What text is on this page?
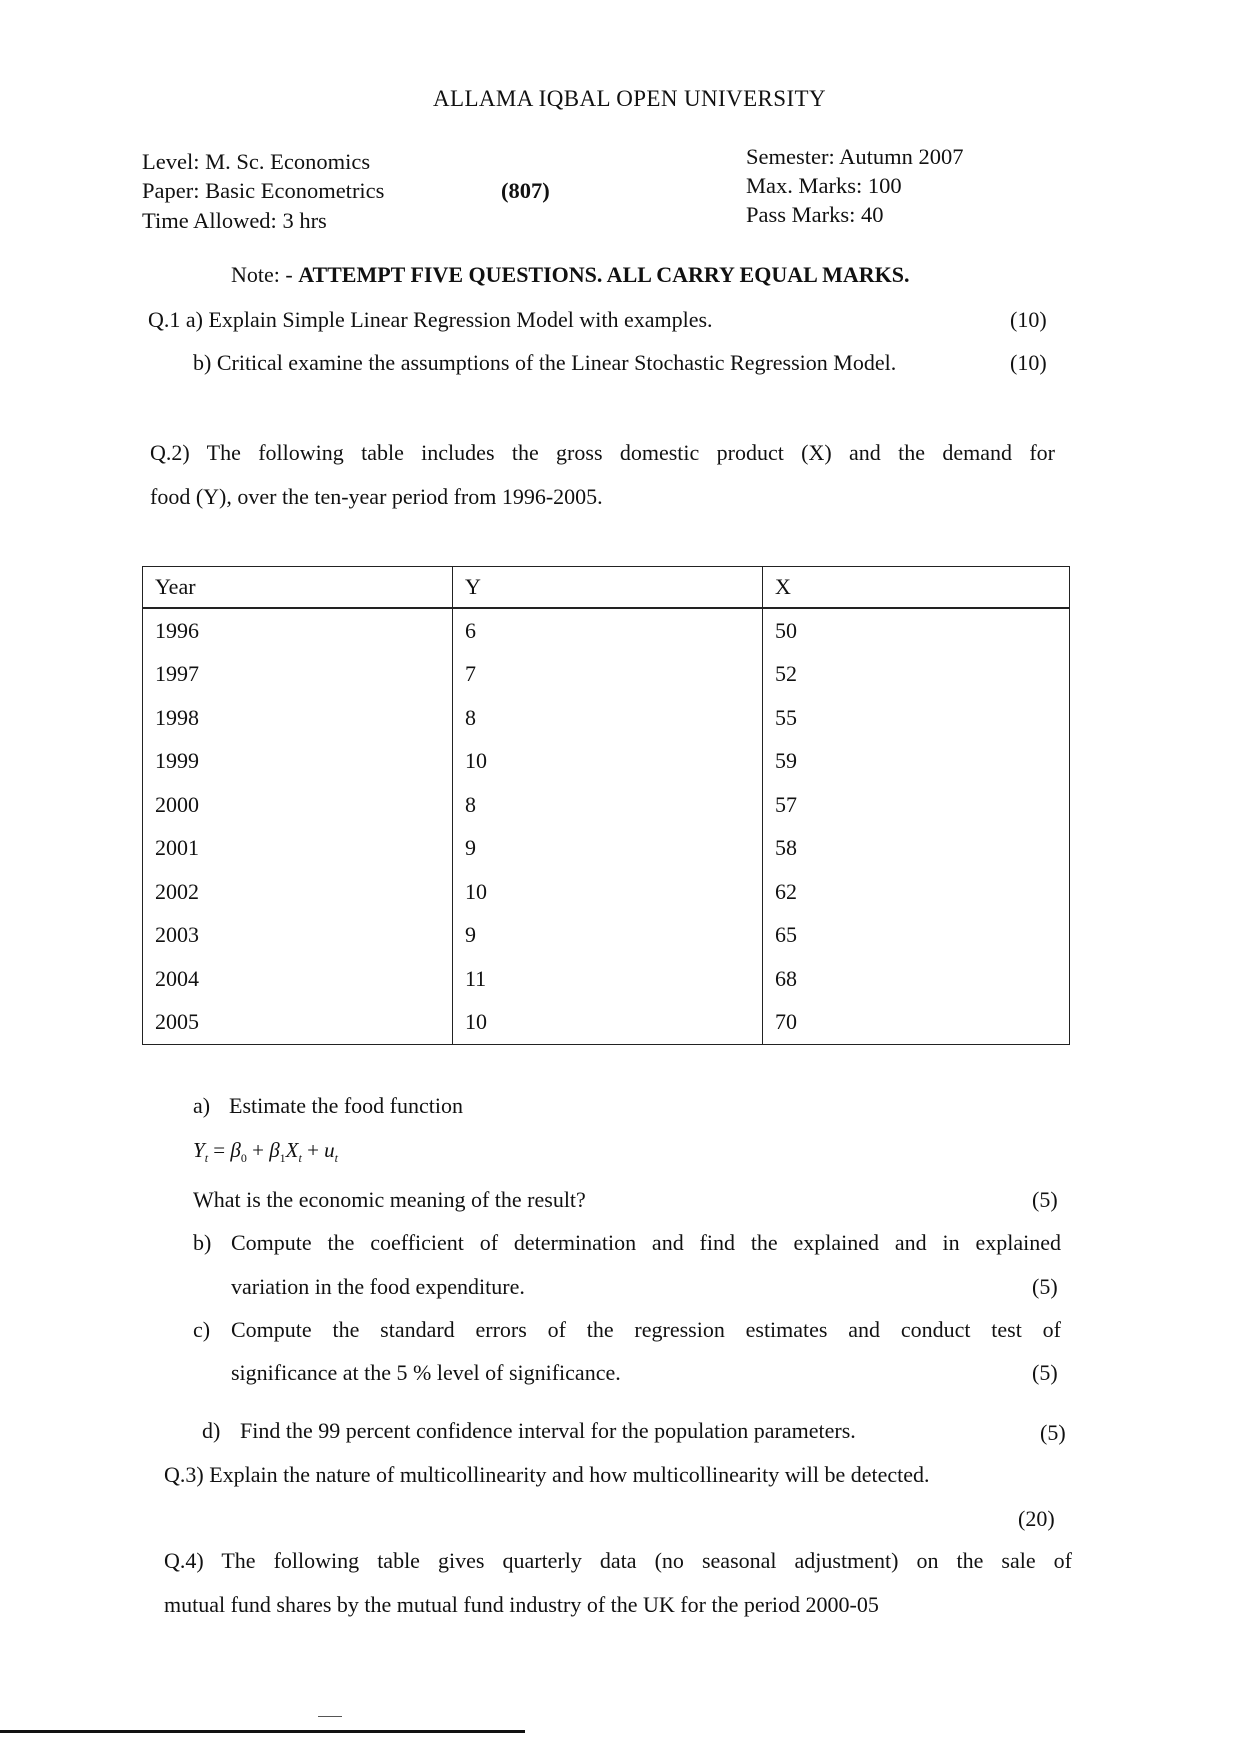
ALLAMA IQBAL OPEN UNIVERSITY
Level: M. Sc. Economics
Paper: Basic Econometrics	(807)
Time Allowed: 3 hrs
Semester: Autumn 2007
Max. Marks: 100
Pass Marks: 40
Note: - ATTEMPT FIVE QUESTIONS. ALL CARRY EQUAL MARKS.
Q.1 a) Explain Simple Linear Regression Model with examples.	(10)
b) Critical examine the assumptions of the Linear Stochastic Regression Model.	(10)
Q.2) The following table includes the gross domestic product (X) and the demand for
food (Y), over the ten-year period from 1996-2005.
Year	Y	X
1996	6	50
1997	7	52
1998	8	55
1999	10	59
2000	8	57
2001	9	58
2002	10	62
2003	9	65
2004	11	68
2005	10	70
a) Estimate the food function
$Y_t = \beta_0 + \beta_1X_t + u_t$
What is the economic meaning of the result?	(5)
b) Compute the coefficient of determination and find the explained and in explained
variation in the food expenditure.	(5)
c) Compute the standard errors of the regression estimates and conduct test of
significance at the 5 % level of significance.	(5)
d) Find the 99 percent confidence interval for the population parameters.	(5)
Q.3) Explain the nature of multicollinearity and how multicollinearity will be detected.
(20)
Q.4) The following table gives quarterly data (no seasonal adjustment) on the sale of
mutual fund shares by the mutual fund industry of the UK for the period 2000-05
